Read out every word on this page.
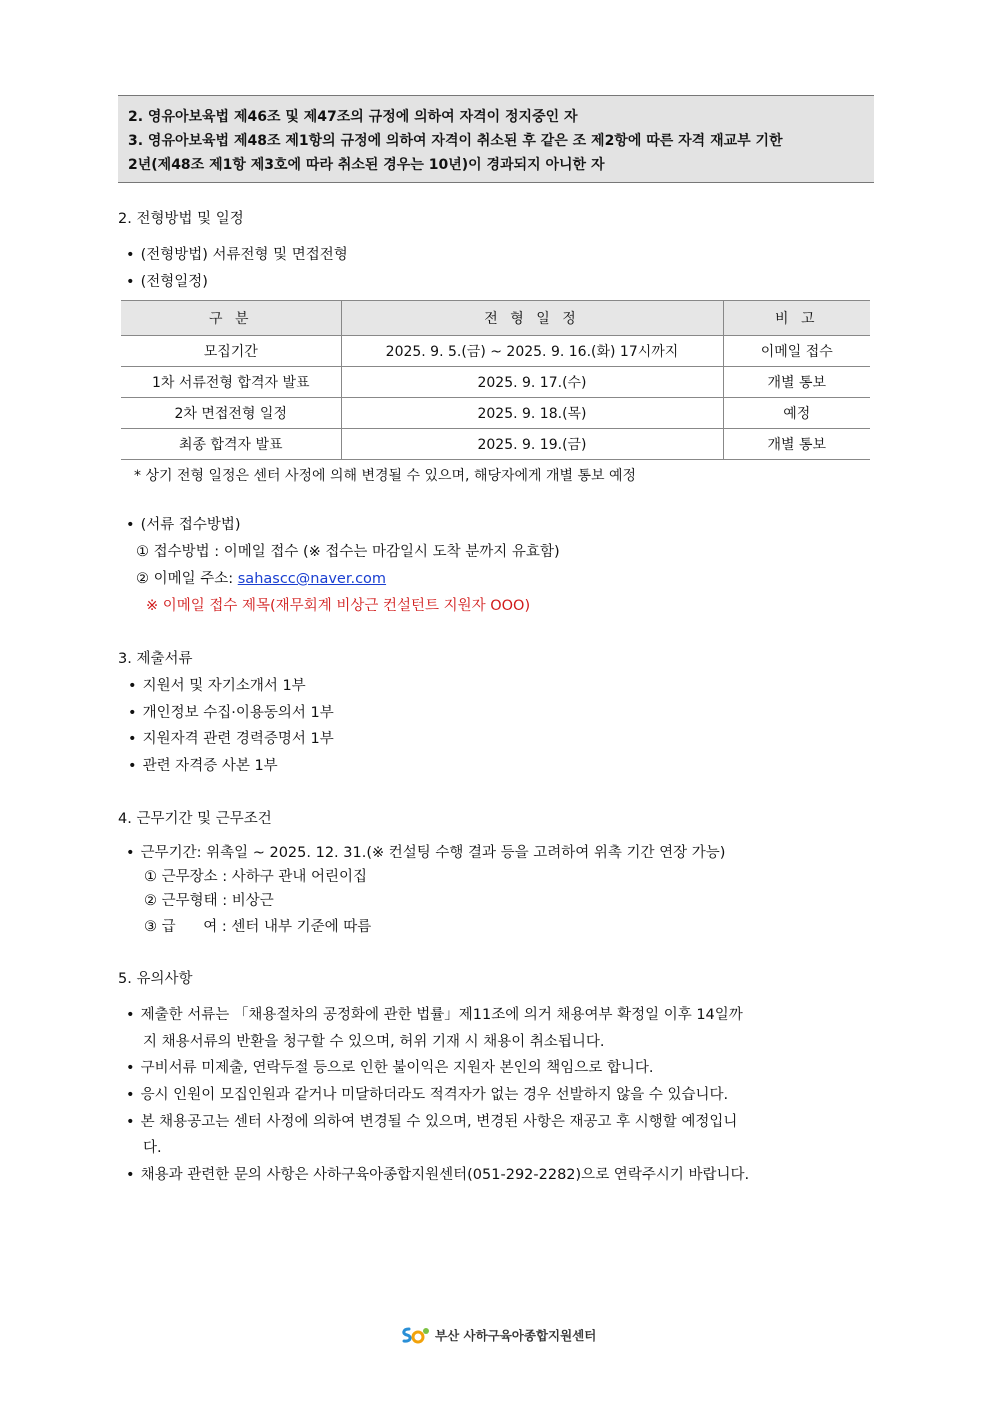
2. 영유아보육법 제46조 및 제47조의 규정에 의하여 자격이 정지중인 자
3. 영유아보육법 제48조 제1항의 규정에 의하여 자격이 취소된 후 같은 조 제2항에 따른 자격 재교부 기한
2년(제48조 제1항 제3호에 따라 취소된 경우는 10년)이 경과되지 아니한 자
2. 전형방법 및 일정
• (전형방법) 서류전형 및 면접전형
• (전형일정)
구 분	전 형 일 정	비 고
모집기간	2025. 9. 5.(금) ~ 2025. 9. 16.(화) 17시까지	이메일 접수
1차 서류전형 합격자 발표	2025. 9. 17.(수)	개별 통보
2차 면접전형 일정	2025. 9. 18.(목)	예정
최종 합격자 발표	2025. 9. 19.(금)	개별 통보
* 상기 전형 일정은 센터 사정에 의해 변경될 수 있으며, 해당자에게 개별 통보 예정
• (서류 접수방법)
① 접수방법 : 이메일 접수 (※ 접수는 마감일시 도착 분까지 유효함)
② 이메일 주소: sahascc@naver.com
※ 이메일 접수 제목(재무회계 비상근 컨설턴트 지원자 OOO)
3. 제출서류
• 지원서 및 자기소개서 1부
• 개인정보 수집·이용동의서 1부
• 지원자격 관련 경력증명서 1부
• 관련 자격증 사본 1부
4. 근무기간 및 근무조건
• 근무기간: 위촉일 ~ 2025. 12. 31.(※ 컨설팅 수행 결과 등을 고려하여 위촉 기간 연장 가능)
① 근무장소 : 사하구 관내 어린이집
② 근무형태 : 비상근
③ 급      여 : 센터 내부 기준에 따름
5. 유의사항
• 제출한 서류는 「채용절차의 공정화에 관한 법률」제11조에 의거 채용여부 확정일 이후 14일까
지 채용서류의 반환을 청구할 수 있으며, 허위 기재 시 채용이 취소됩니다.
• 구비서류 미제출, 연락두절 등으로 인한 불이익은 지원자 본인의 책임으로 합니다.
• 응시 인원이 모집인원과 같거나 미달하더라도 적격자가 없는 경우 선발하지 않을 수 있습니다.
• 본 채용공고는 센터 사정에 의하여 변경될 수 있으며, 변경된 사항은 재공고 후 시행할 예정입니
다.
• 채용과 관련한 문의 사항은 사하구육아종합지원센터(051-292-2282)으로 연락주시기 바랍니다.
부산 사하구육아종합지원센터
